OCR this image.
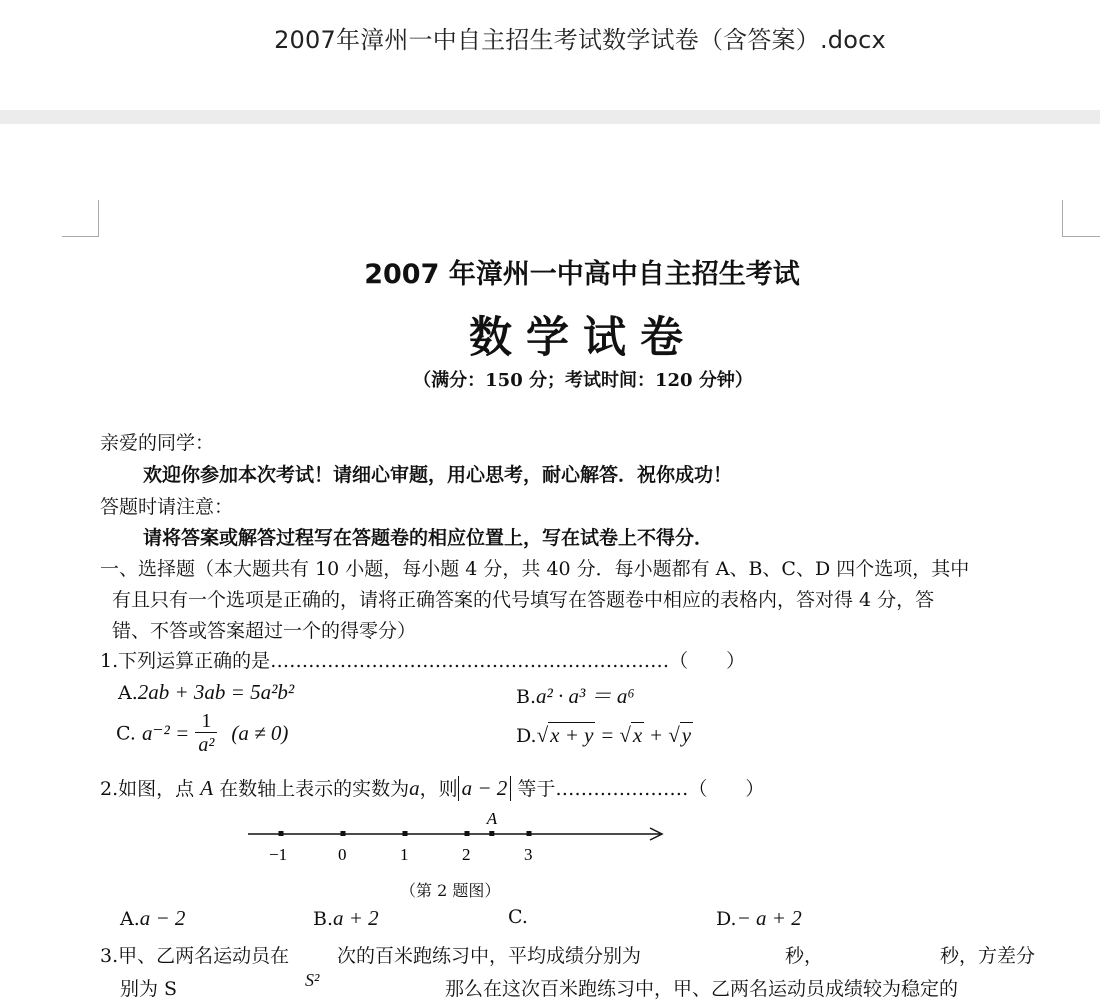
2007年漳州一中自主招生考试数学试卷（含答案）.docx
2007 年漳州一中高中自主招生考试
数学试卷
（满分：150 分；考试时间：120 分钟）
亲爱的同学：
欢迎你参加本次考试！请细心审题，用心思考，耐心解答．祝你成功！
答题时请注意：
请将答案或解答过程写在答题卷的相应位置上，写在试卷上不得分．
一、选择题（本大题共有 10 小题，每小题 4 分，共 40 分．每小题都有 A、B、C、D 四个选项，其中
有且只有一个选项是正确的，请将正确答案的代号填写在答题卷中相应的表格内，答对得 4 分，答
错、不答或答案超过一个的得零分）
1.下列运算正确的是………………………………………………………（　　）
A.2ab + 3ab = 5a²b²	B.a² · a³ ＝ a⁶
C. $a^{-2} = \frac{1}{\text{a²}} (a \ne 0)$	D.√x + y = √x + √y
2.如图，点 A 在数轴上表示的实数为a，则 a − 2 等于…………………（　　）
−1	0	1	2	3
A
（第 2 题图）
A.a − 2	B.a + 2	C.	D.− a + 2
3.甲、乙两名运动员在	次的百米跑练习中，平均成绩分别为	秒，	秒，方差分
别为 S	S²	那么在这次百米跑练习中，甲、乙两名运动员成绩较为稳定的
